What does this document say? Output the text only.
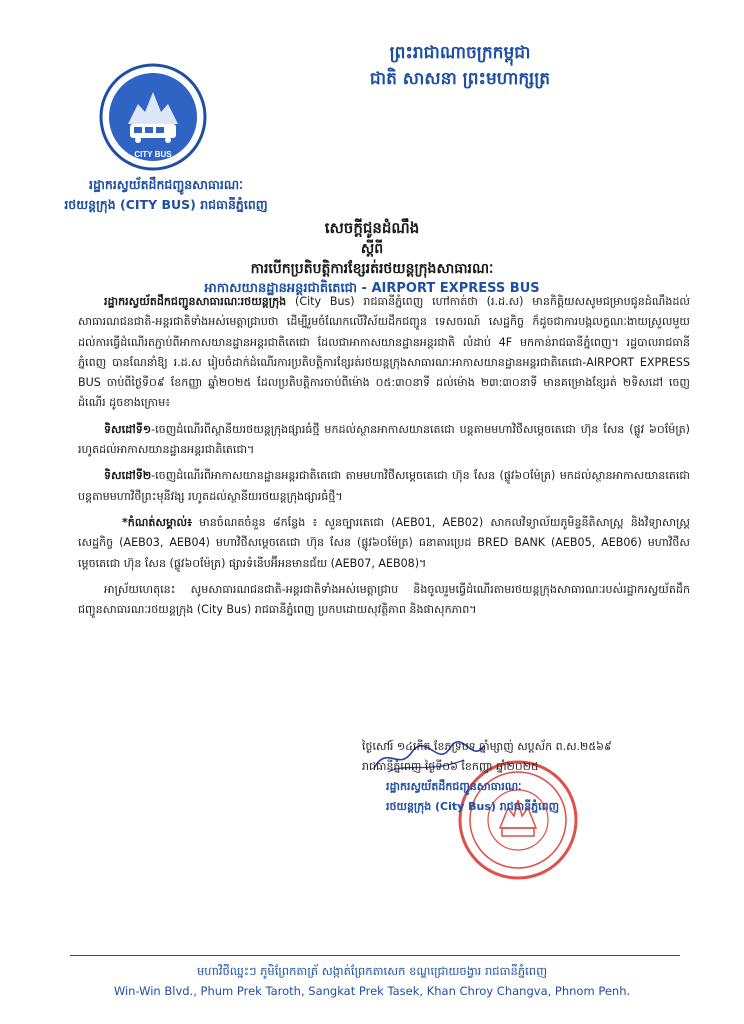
ព្រះរាជាណាចក្រកម្ពុជា
ជាតិ សាសនា ព្រះមហាក្សត្រ
CITY BUS
រដ្ឋាករស្វយ័តដឹកជញ្ជូនសាធារណៈ
រថយន្តក្រុង (CITY BUS) រាជធានីភ្នំពេញ
សេចក្តីជូនដំណឹង
ស្តីពី
ការបើកប្រតិបត្តិការខ្សែរត់រថយន្តក្រុងសាធារណៈ
អាកាសយានដ្ឋានអន្តរជាតិតេជោ - AIRPORT EXPRESS BUS

រដ្ឋាករស្វយ័តដឹកជញ្ជូនសាធារណៈរថយន្តក្រុង (City Bus) រាជធានីភ្នំពេញ ហៅកាត់ថា (រ.ដ.ស) មានកិត្តិយសសូមជម្រាបជូនដំណឹងដល់សាធារណជនជាតិ-អន្តរជាតិទាំងអស់មេត្តាជ្រាបថា ដើម្បីរួមចំណែកលើវិស័យដឹកជញ្ជូន ទេសចរណ៍ សេដ្ឋកិច្ច ក៏ដូចជាការបង្កលក្ខណៈងាយស្រួលមួយ ដល់ការធ្វើដំណើរតភ្ជាប់ពីអាកាសយានដ្ឋានអន្តរជាតិតេជោ ដែលជាអាកាសយានដ្ឋានអន្តរជាតិ លំដាប់ 4F មកកាន់រាជធានីភ្នំពេញ។ រដ្ឋបាលរាជធានីភ្នំពេញ បានណែនាំឱ្យ រ.ដ.ស រៀបចំដាក់ដំណើរការប្រតិបត្តិការខ្សែរត់រថយន្តក្រុងសាធារណៈអាកាសយានដ្ឋានអន្តរជាតិតេជោ-AIRPORT EXPRESS BUS ចាប់ពីថ្ងៃទី០៩ ខែកញ្ញា ឆ្នាំ២០២៥ ដែលប្រតិបត្តិការចាប់ពីម៉ោង ០៥:៣០នាទី ដល់ម៉ោង ២៣:៣០នាទី មានគម្រោងខ្សែរត់ ២ទិសដៅ ចេញដំណើរ ដូចខាងក្រោម៖

ទិសដៅទី១-ចេញដំណើរពីស្ថានីយរថយន្តក្រុងផ្សារធំថ្មី មកដល់ស្ថានអាកាសយានតេជោ បន្តតាមមហាវិថីសម្តេចតេជោ ហ៊ុន សែន (ផ្លូវ ៦០ម៉ែត្រ) រហូតដល់អាកាសយានដ្ឋានអន្តរជាតិតេជោ។

ទិសដៅទី២-ចេញដំណើរពីអាកាសយានដ្ឋានអន្តរជាតិតេជោ តាមមហាវិថីសម្តេចតេជោ ហ៊ុន សែន (ផ្លូវ៦០ម៉ែត្រ) មកដល់ស្ថានអាកាសយានតេជោ បន្តតាមមហាវិថីព្រះមុនីវង្ស រហូតដល់ស្ថានីយរថយន្តក្រុងផ្សារធំថ្មី។

*កំណត់សម្គាល់៖ មានចំណតចំនួន ៨កន្លែង ៖ សួនច្បារតេជោ (AEB01, AEB02) សាកលវិទ្យាល័យភូមិន្ទនីតិសាស្ត្រ និងវិទ្យាសាស្ត្រសេដ្ឋកិច្ច (AEB03, AEB04) មហាវិថីសម្តេចតេជោ ហ៊ុន សែន (ផ្លូវ៦០ម៉ែត្រ) ធនាគារប្រេដ BRED BANK (AEB05, AEB06) មហាវិថីសម្តេចតេជោ ហ៊ុន សែន (ផ្លូវ៦០ម៉ែត្រ) ផ្សារទំនើបអ៊ីអនមានជ័យ (AEB07, AEB08)។

អាស្រ័យហេតុនេះ សូមសាធារណជនជាតិ-អន្តរជាតិទាំងអស់មេត្តាជ្រាប និងចូលរួមធ្វើដំណើរតាមរថយន្តក្រុងសាធារណៈរបស់រដ្ឋាករស្វយ័តដឹកជញ្ជូនសាធារណៈរថយន្តក្រុង (City Bus) រាជធានីភ្នំពេញ ប្រកបដោយសុវត្ថិភាព និងផាសុកភាព។

ថ្ងៃសៅរ៍ ១៤កើត ខែភទ្របទ ឆ្នាំម្សាញ់ សប្តស័ក ព.ស.២៥៦៩
រាជធានីភ្នំពេញ ថ្ងៃទី០៦ ខែកញ្ញា ឆ្នាំ២០២៥
រដ្ឋាករស្វយ័តដឹកជញ្ជូនសាធារណៈ
រថយន្តក្រុង (City Bus) រាជធានីភ្នំពេញ
មហាវិថីឈ្នះៗ ភូមិព្រែកតាត្រ័ សង្កាត់ព្រែកតាសេក ខណ្ឌជ្រោយចង្វារ រាជធានីភ្នំពេញ
Win-Win Blvd., Phum Prek Taroth, Sangkat Prek Tasek, Khan Chroy Changva, Phnom Penh.
